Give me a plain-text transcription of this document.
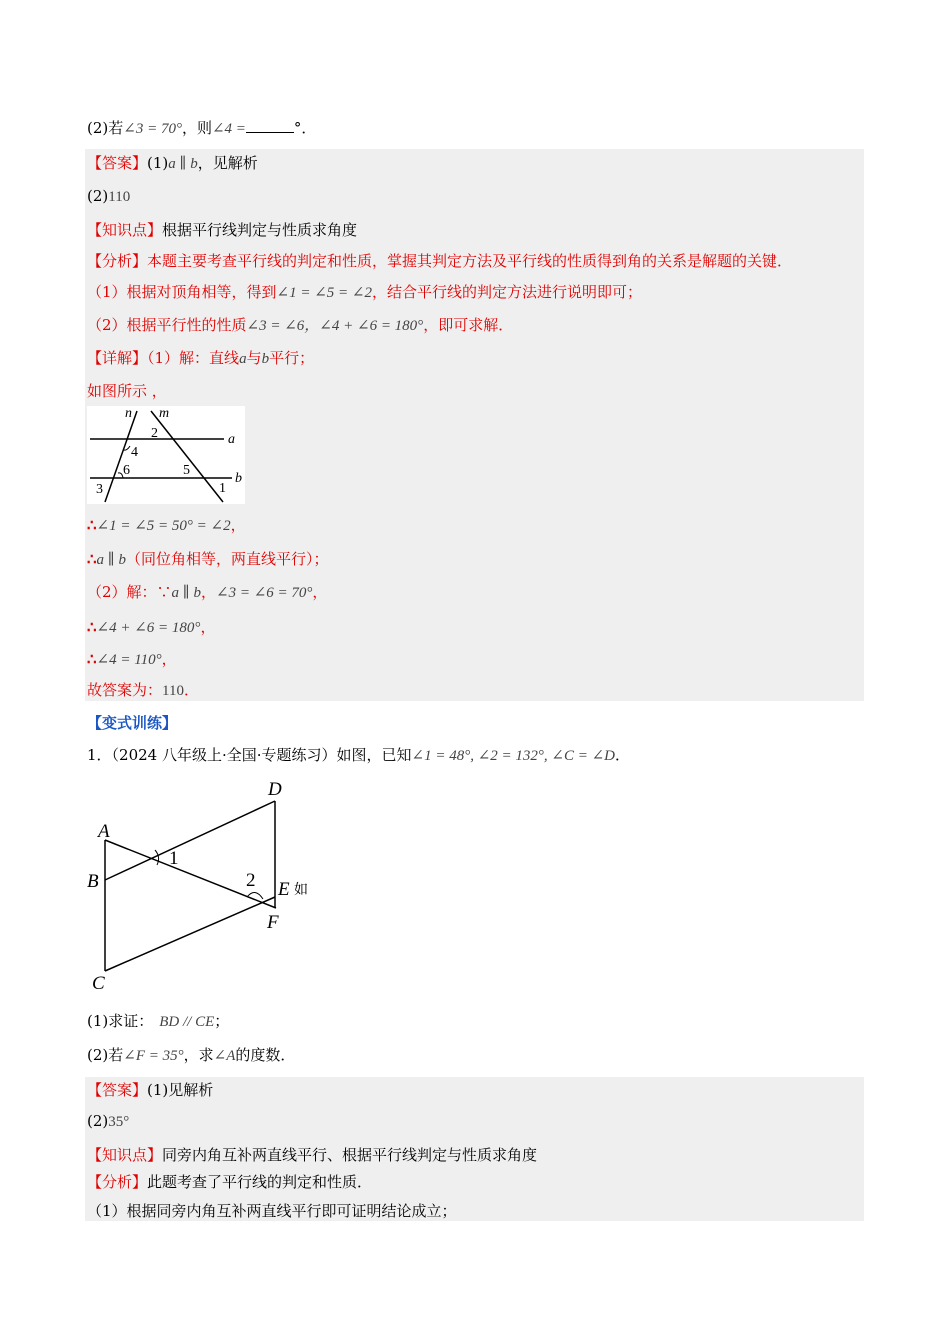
(2)若∠3 = 70°，则∠4 =	°．
【答案】(1)a ∥ b，见解析
(2)110
【知识点】根据平行线判定与性质求角度
【分析】本题主要考查平行线的判定和性质，掌握其判定方法及平行线的性质得到角的关系是解题的关键．
（1）根据对顶角相等，得到∠1 = ∠5 = ∠2，结合平行线的判定方法进行说明即可；
（2）根据平行性的性质∠3 = ∠6，∠4 + ∠6 = 180°，即可求解．
【详解】（1）解：直线a与b平行；
如图所示 ，
n m
a
b
2
4
6	5
1
3
∴∠1 = ∠5 = 50° = ∠2，
∴a ∥ b（同位角相等，两直线平行）；
（2）解：∵a ∥ b，∠3 = ∠6 = 70°，
∴∠4 + ∠6 = 180°，
∴∠4 = 110°，
故答案为：110．
【变式训练】
1．（2024 八年级上·全国·专题练习）如图，已知∠1 = 48°, ∠2 = 132°, ∠C = ∠D．
A
B
C
D
E
F
1
2	如
(1)求证： BD // CE；
(2)若∠F = 35°，求∠A的度数．
【答案】(1)见解析
(2)35°
【知识点】同旁内角互补两直线平行、根据平行线判定与性质求角度
【分析】此题考查了平行线的判定和性质．
（1）根据同旁内角互补两直线平行即可证明结论成立；
